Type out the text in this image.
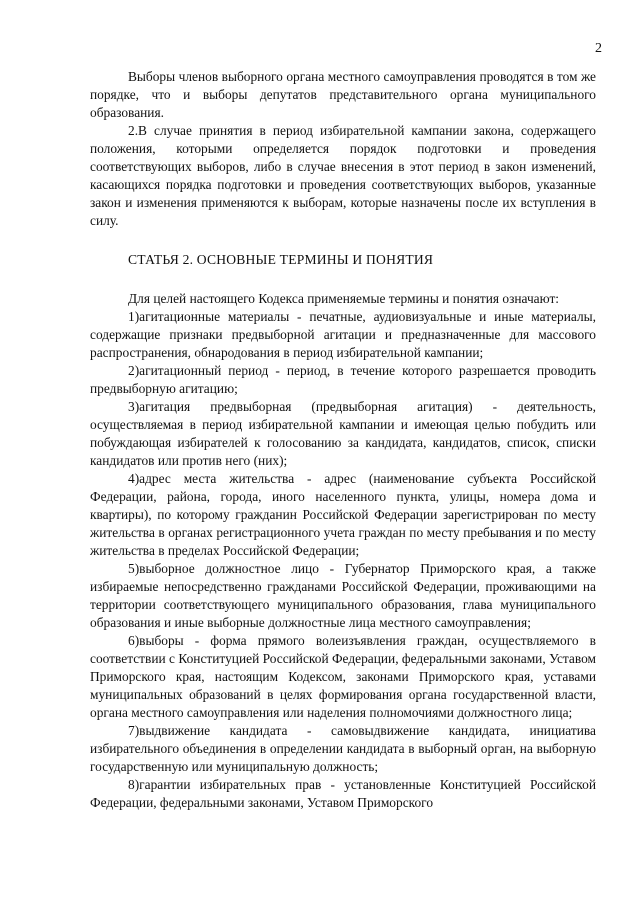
2

Выборы членов выборного органа местного самоуправления проводятся в том же порядке, что и выборы депутатов представительного органа муниципального образования.

2.В случае принятия в период избирательной кампании закона, содержащего положения, которыми определяется порядок подготовки и проведения соответствующих выборов, либо в случае внесения в этот период в закон изменений, касающихся порядка подготовки и проведения соответствующих выборов, указанные закон и изменения применяются к выборам, которые назначены после их вступления в силу.

СТАТЬЯ 2. ОСНОВНЫЕ ТЕРМИНЫ И ПОНЯТИЯ

Для целей настоящего Кодекса применяемые термины и понятия означают:

1)агитационные материалы - печатные, аудиовизуальные и иные материалы, содержащие признаки предвыборной агитации и предназначенные для массового распространения, обнародования в период избирательной кампании;

2)агитационный период - период, в течение которого разрешается проводить предвыборную агитацию;

3)агитация предвыборная (предвыборная агитация) - деятельность, осуществляемая в период избирательной кампании и имеющая целью побудить или побуждающая избирателей к голосованию за кандидата, кандидатов, список, списки кандидатов или против него (них);

4)адрес места жительства - адрес (наименование субъекта Российской Федерации, района, города, иного населенного пункта, улицы, номера дома и квартиры), по которому гражданин Российской Федерации зарегистрирован по месту жительства в органах регистрационного учета граждан по месту пребывания и по месту жительства в пределах Российской Федерации;

5)выборное должностное лицо - Губернатор Приморского края, а также избираемые непосредственно гражданами Российской Федерации, проживающими на территории соответствующего муниципального образования, глава муниципального образования и иные выборные должностные лица местного самоуправления;

6)выборы - форма прямого волеизъявления граждан, осуществляемого в соответствии с Конституцией Российской Федерации, федеральными законами, Уставом Приморского края, настоящим Кодексом, законами Приморского края, уставами муниципальных образований в целях формирования органа государственной власти, органа местного самоуправления или наделения полномочиями должностного лица;

7)выдвижение кандидата - самовыдвижение кандидата, инициатива избирательного объединения в определении кандидата в выборный орган, на выборную государственную или муниципальную должность;

8)гарантии избирательных прав - установленные Конституцией Российской Федерации, федеральными законами, Уставом Приморского
